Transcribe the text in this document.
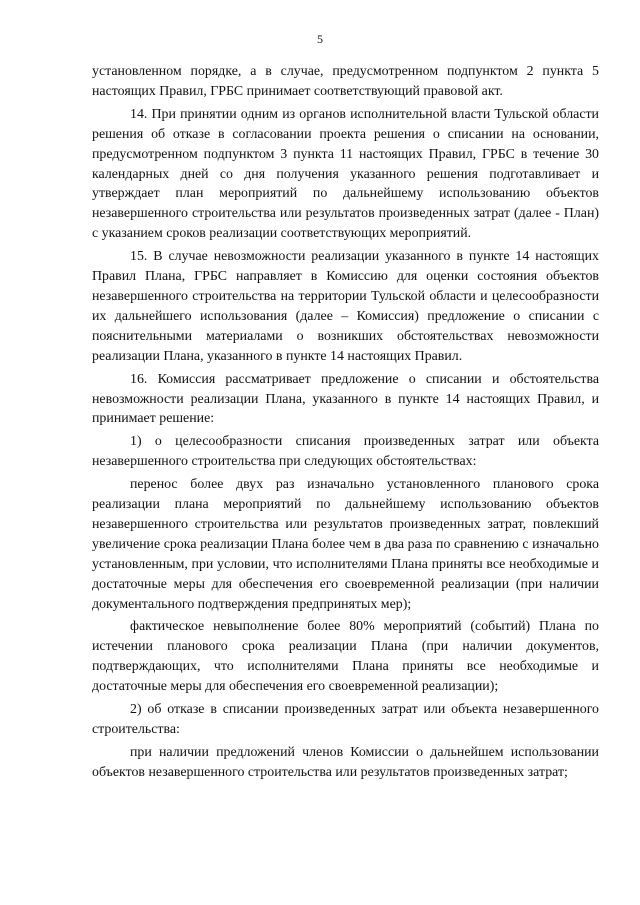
5

установленном порядке, а в случае, предусмотренном подпунктом 2 пункта 5 настоящих Правил, ГРБС принимает соответствующий правовой акт.

14. При принятии одним из органов исполнительной власти Тульской области решения об отказе в согласовании проекта решения о списании на основании, предусмотренном подпунктом 3 пункта 11 настоящих Правил, ГРБС в течение 30 календарных дней со дня получения указанного решения подготавливает и утверждает план мероприятий по дальнейшему использованию объектов незавершенного строительства или результатов произведенных затрат (далее - План) с указанием сроков реализации соответствующих мероприятий.

15. В случае невозможности реализации указанного в пункте 14 настоящих Правил Плана, ГРБС направляет в Комиссию для оценки состояния объектов незавершенного строительства на территории Тульской области и целесообразности их дальнейшего использования (далее – Комиссия) предложение о списании с пояснительными материалами о возникших обстоятельствах невозможности реализации Плана, указанного в пункте 14 настоящих Правил.

16. Комиссия рассматривает предложение о списании и обстоятельства невозможности реализации Плана, указанного в пункте 14 настоящих Правил, и принимает решение:

1) о целесообразности списания произведенных затрат или объекта незавершенного строительства при следующих обстоятельствах:

перенос более двух раз изначально установленного планового срока реализации плана мероприятий по дальнейшему использованию объектов незавершенного строительства или результатов произведенных затрат, повлекший увеличение срока реализации Плана более чем в два раза по сравнению с изначально установленным, при условии, что исполнителями Плана приняты все необходимые и достаточные меры для обеспечения его своевременной реализации (при наличии документального подтверждения предпринятых мер);

фактическое невыполнение более 80% мероприятий (событий) Плана по истечении планового срока реализации Плана (при наличии документов, подтверждающих, что исполнителями Плана приняты все необходимые и достаточные меры для обеспечения его своевременной реализации);

2) об отказе в списании произведенных затрат или объекта незавершенного строительства:

при наличии предложений членов Комиссии о дальнейшем использовании объектов незавершенного строительства или результатов произведенных затрат;
